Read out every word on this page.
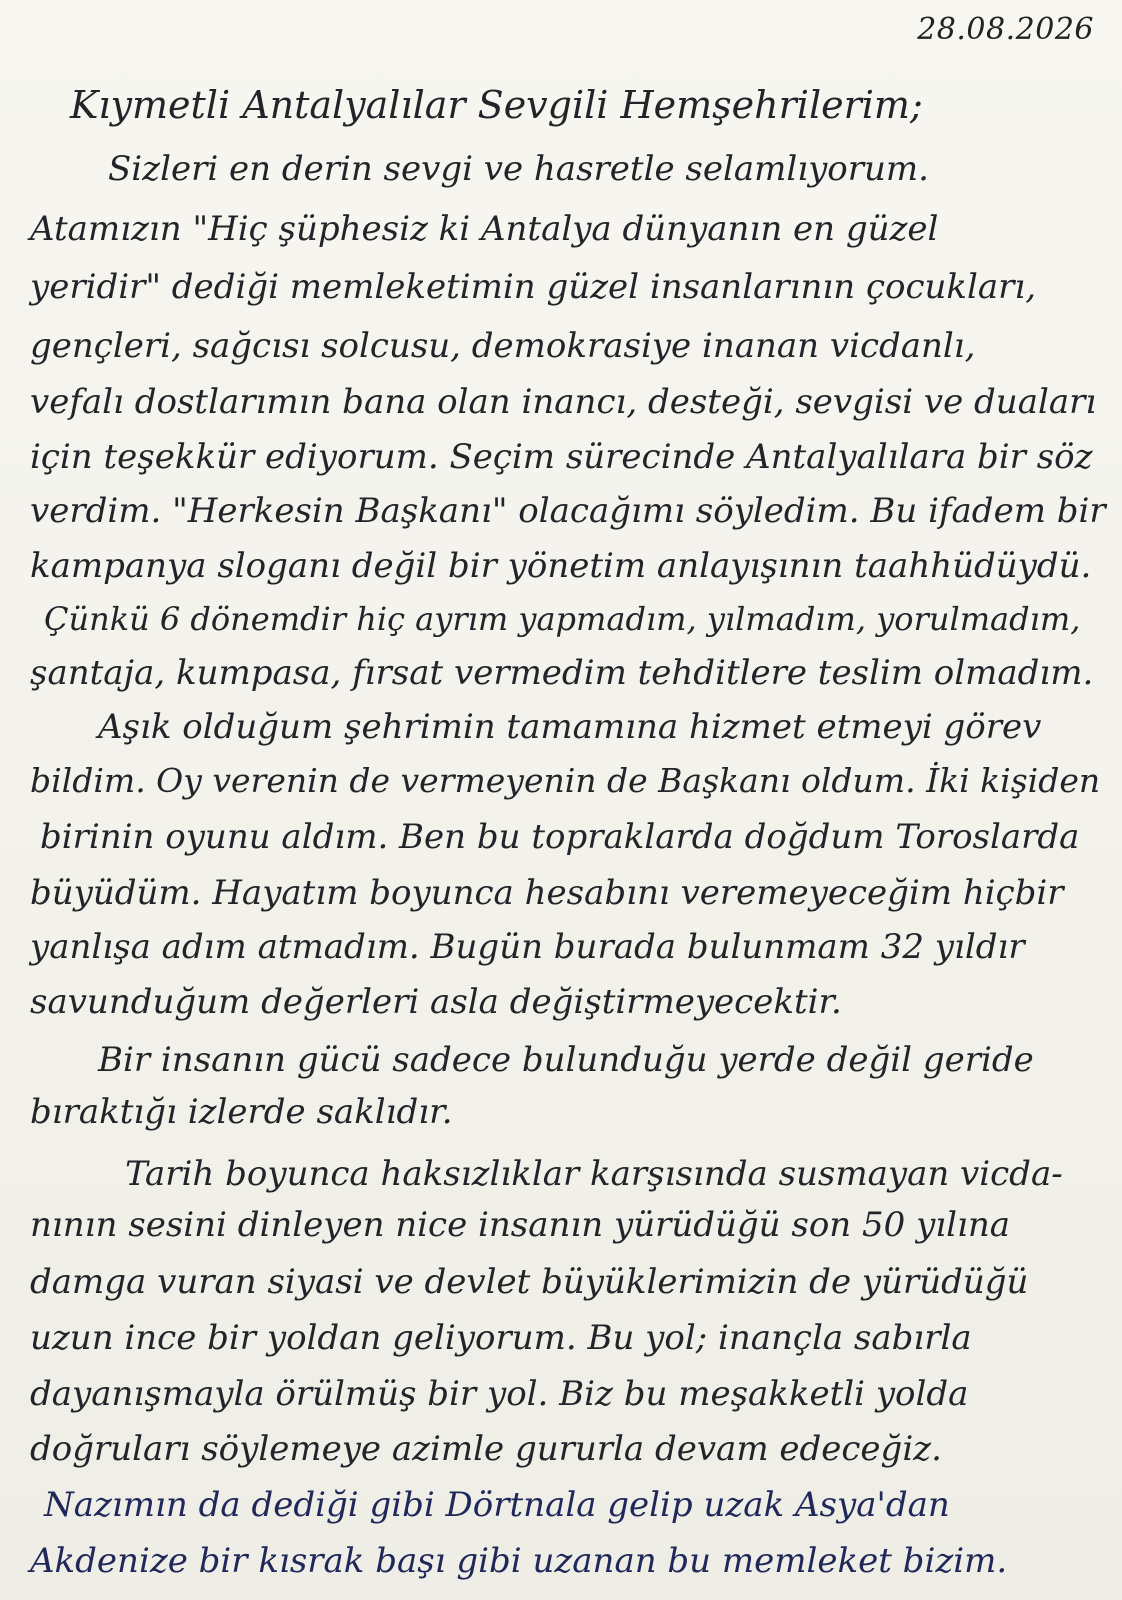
28.08.2026
Kıymetli Antalyalılar Sevgili Hemşehrilerim;
Sizleri en derin sevgi ve hasretle selamlıyorum.
Atamızın "Hiç şüphesiz ki Antalya dünyanın en güzel
yeridir" dediği memleketimin güzel insanlarının çocukları,
gençleri, sağcısı solcusu, demokrasiye inanan vicdanlı,
vefalı dostlarımın bana olan inancı, desteği, sevgisi ve duaları
için teşekkür ediyorum. Seçim sürecinde Antalyalılara bir söz
verdim. "Herkesin Başkanı" olacağımı söyledim. Bu ifadem bir
kampanya sloganı değil bir yönetim anlayışının taahhüdüydü.
Çünkü 6 dönemdir hiç ayrım yapmadım, yılmadım, yorulmadım,
şantaja, kumpasa, fırsat vermedim tehditlere teslim olmadım.
Aşık olduğum şehrimin tamamına hizmet etmeyi görev
bildim. Oy verenin de vermeyenin de Başkanı oldum. İki kişiden
birinin oyunu aldım. Ben bu topraklarda doğdum Toroslarda
büyüdüm. Hayatım boyunca hesabını veremeyeceğim hiçbir
yanlışa adım atmadım. Bugün burada bulunmam 32 yıldır
savunduğum değerleri asla değiştirmeyecektir.
Bir insanın gücü sadece bulunduğu yerde değil geride
bıraktığı izlerde saklıdır.
Tarih boyunca haksızlıklar karşısında susmayan vicda-
nının sesini dinleyen nice insanın yürüdüğü son 50 yılına
damga vuran siyasi ve devlet büyüklerimizin de yürüdüğü
uzun ince bir yoldan geliyorum. Bu yol; inançla sabırla
dayanışmayla örülmüş bir yol. Biz bu meşakketli yolda
doğruları söylemeye azimle gururla devam edeceğiz.
Nazımın da dediği gibi Dörtnala gelip uzak Asya'dan
Akdenize bir kısrak başı gibi uzanan bu memleket bizim.
